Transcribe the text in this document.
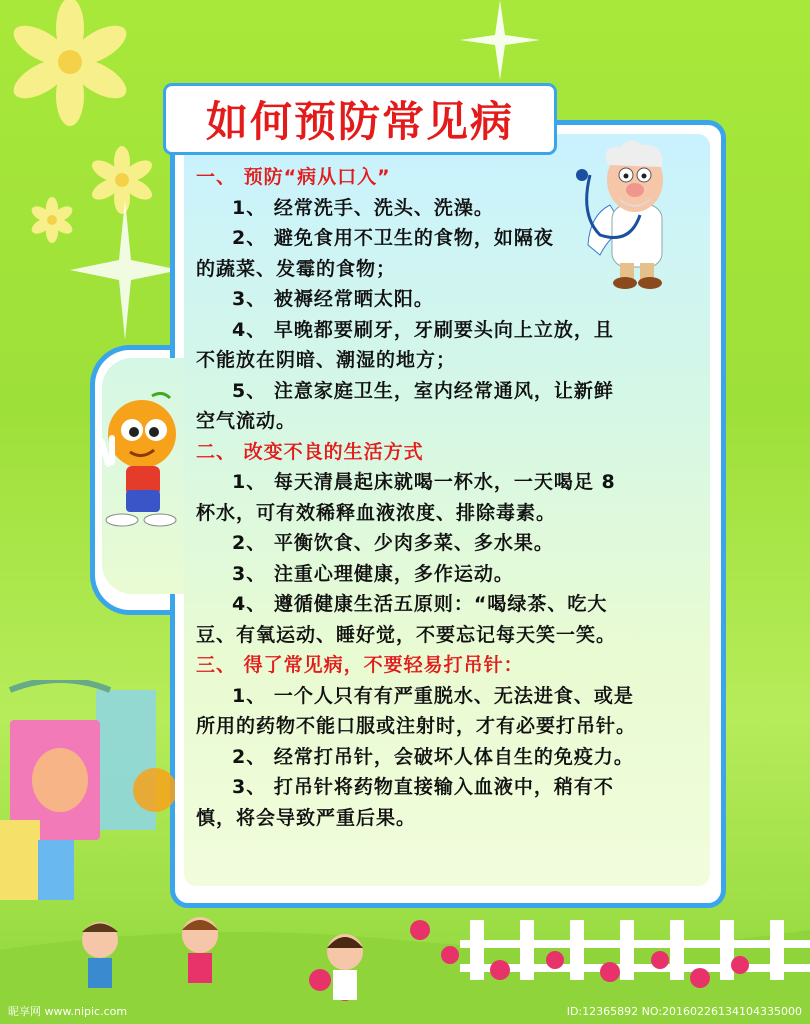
如何预防常见病

一、 预防“病从口入”

1、 经常洗手、洗头、洗澡。

2、 避免食用不卫生的食物，如隔夜

的蔬菜、发霉的食物；

3、 被褥经常晒太阳。

4、 早晚都要刷牙，牙刷要头向上立放，且

不能放在阴暗、潮湿的地方；

5、 注意家庭卫生，室内经常通风，让新鲜

空气流动。

二、 改变不良的生活方式

1、 每天清晨起床就喝一杯水，一天喝足 8

杯水，可有效稀释血液浓度、排除毒素。

2、 平衡饮食、少肉多菜、多水果。

3、 注重心理健康，多作运动。

4、 遵循健康生活五原则：“喝绿茶、吃大

豆、有氧运动、睡好觉，不要忘记每天笑一笑。

三、 得了常见病，不要轻易打吊针：

1、 一个人只有有严重脱水、无法进食、或是

所用的药物不能口服或注射时，才有必要打吊针。

2、 经常打吊针，会破坏人体自生的免疫力。

3、 打吊针将药物直接输入血液中，稍有不

慎，将会导致严重后果。

昵享网 www.nipic.com	ID:12365892 NO:20160226134104335000
